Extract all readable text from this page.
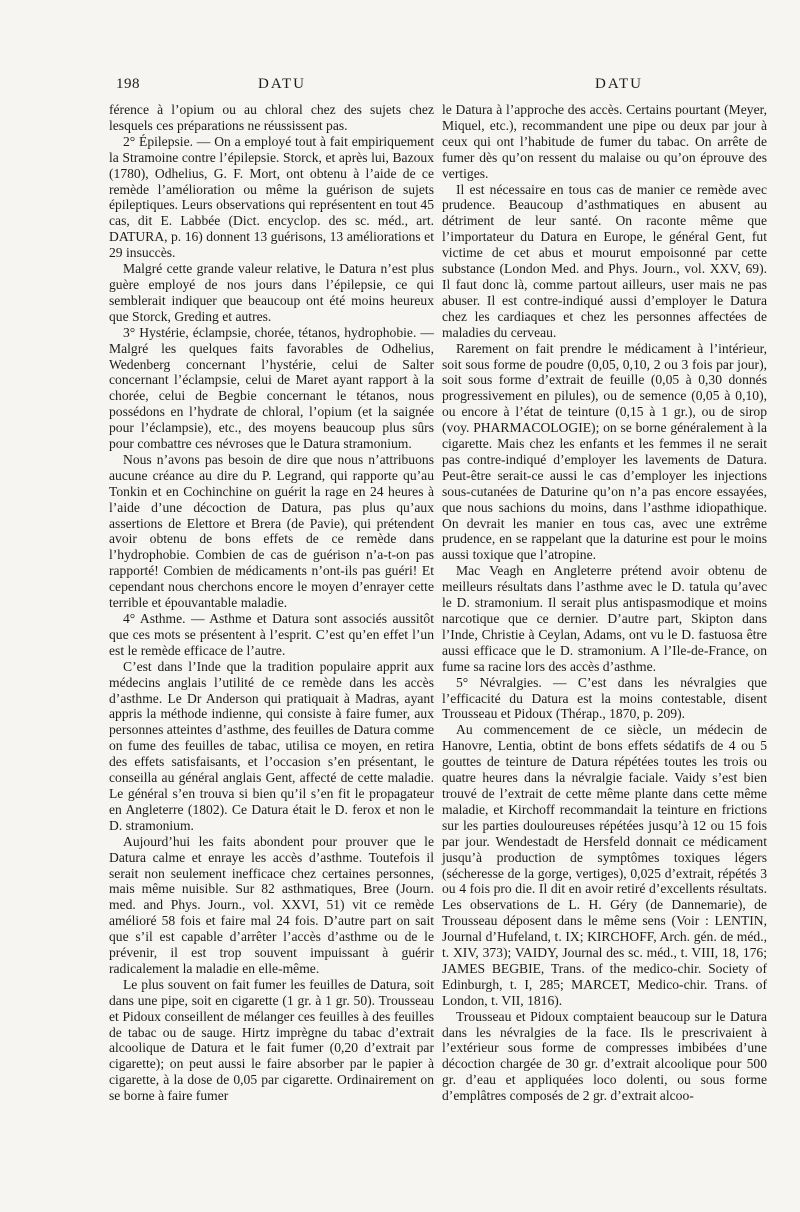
198	DATU	DATU

férence à l’opium ou au chloral chez des sujets chez lesquels ces préparations ne réussissent pas.

2° Épilepsie. — On a employé tout à fait empiriquement la Stramoine contre l’épilepsie. Storck, et après lui, Bazoux (1780), Odhelius, G. F. Mort, ont obtenu à l’aide de ce remède l’amélioration ou même la guérison de sujets épileptiques. Leurs observations qui représentent en tout 45 cas, dit E. Labbée (Dict. encyclop. des sc. méd., art. DATURA, p. 16) donnent 13 guérisons, 13 améliorations et 29 insuccès.

Malgré cette grande valeur relative, le Datura n’est plus guère employé de nos jours dans l’épilepsie, ce qui semblerait indiquer que beaucoup ont été moins heureux que Storck, Greding et autres.

3° Hystérie, éclampsie, chorée, tétanos, hydrophobie. — Malgré les quelques faits favorables de Odhelius, Wedenberg concernant l’hystérie, celui de Salter concernant l’éclampsie, celui de Maret ayant rapport à la chorée, celui de Begbie concernant le tétanos, nous possédons en l’hydrate de chloral, l’opium (et la saignée pour l’éclampsie), etc., des moyens beaucoup plus sûrs pour combattre ces névroses que le Datura stramonium.

Nous n’avons pas besoin de dire que nous n’attribuons aucune créance au dire du P. Legrand, qui rapporte qu’au Tonkin et en Cochinchine on guérit la rage en 24 heures à l’aide d’une décoction de Datura, pas plus qu’aux assertions de Elettore et Brera (de Pavie), qui prétendent avoir obtenu de bons effets de ce remède dans l’hydrophobie. Combien de cas de guérison n’a-t-on pas rapporté! Combien de médicaments n’ont-ils pas guéri! Et cependant nous cherchons encore le moyen d’enrayer cette terrible et épouvantable maladie.

4° Asthme. — Asthme et Datura sont associés aussitôt que ces mots se présentent à l’esprit. C’est qu’en effet l’un est le remède efficace de l’autre.

C’est dans l’Inde que la tradition populaire apprit aux médecins anglais l’utilité de ce remède dans les accès d’asthme. Le Dr Anderson qui pratiquait à Madras, ayant appris la méthode indienne, qui consiste à faire fumer, aux personnes atteintes d’asthme, des feuilles de Datura comme on fume des feuilles de tabac, utilisa ce moyen, en retira des effets satisfaisants, et l’occasion s’en présentant, le conseilla au général anglais Gent, affecté de cette maladie. Le général s’en trouva si bien qu’il s’en fit le propagateur en Angleterre (1802). Ce Datura était le D. ferox et non le D. stramonium.

Aujourd’hui les faits abondent pour prouver que le Datura calme et enraye les accès d’asthme. Toutefois il serait non seulement inefficace chez certaines personnes, mais même nuisible. Sur 82 asthmatiques, Bree (Journ. med. and Phys. Journ., vol. XXVI, 51) vit ce remède amélioré 58 fois et faire mal 24 fois. D’autre part on sait que s’il est capable d’arrêter l’accès d’asthme ou de le prévenir, il est trop souvent impuissant à guérir radicalement la maladie en elle-même.

Le plus souvent on fait fumer les feuilles de Datura, soit dans une pipe, soit en cigarette (1 gr. à 1 gr. 50). Trousseau et Pidoux conseillent de mélanger ces feuilles à des feuilles de tabac ou de sauge. Hirtz imprègne du tabac d’extrait alcoolique de Datura et le fait fumer (0,20 d’extrait par cigarette); on peut aussi le faire absorber par le papier à cigarette, à la dose de 0,05 par cigarette. Ordinairement on se borne à faire fumer

le Datura à l’approche des accès. Certains pourtant (Meyer, Miquel, etc.), recommandent une pipe ou deux par jour à ceux qui ont l’habitude de fumer du tabac. On arrête de fumer dès qu’on ressent du malaise ou qu’on éprouve des vertiges.

Il est nécessaire en tous cas de manier ce remède avec prudence. Beaucoup d’asthmatiques en abusent au détriment de leur santé. On raconte même que l’importateur du Datura en Europe, le général Gent, fut victime de cet abus et mourut empoisonné par cette substance (London Med. and Phys. Journ., vol. XXV, 69). Il faut donc là, comme partout ailleurs, user mais ne pas abuser. Il est contre-indiqué aussi d’employer le Datura chez les cardiaques et chez les personnes affectées de maladies du cerveau.

Rarement on fait prendre le médicament à l’intérieur, soit sous forme de poudre (0,05, 0,10, 2 ou 3 fois par jour), soit sous forme d’extrait de feuille (0,05 à 0,30 donnés progressivement en pilules), ou de semence (0,05 à 0,10), ou encore à l’état de teinture (0,15 à 1 gr.), ou de sirop (voy. PHARMACOLOGIE); on se borne généralement à la cigarette. Mais chez les enfants et les femmes il ne serait pas contre-indiqué d’employer les lavements de Datura. Peut-être serait-ce aussi le cas d’employer les injections sous-cutanées de Daturine qu’on n’a pas encore essayées, que nous sachions du moins, dans l’asthme idiopathique. On devrait les manier en tous cas, avec une extrême prudence, en se rappelant que la daturine est pour le moins aussi toxique que l’atropine.

Mac Veagh en Angleterre prétend avoir obtenu de meilleurs résultats dans l’asthme avec le D. tatula qu’avec le D. stramonium. Il serait plus antispasmodique et moins narcotique que ce dernier. D’autre part, Skipton dans l’Inde, Christie à Ceylan, Adams, ont vu le D. fastuosa être aussi efficace que le D. stramonium. A l’Ile-de-France, on fume sa racine lors des accès d’asthme.

5° Névralgies. — C’est dans les névralgies que l’efficacité du Datura est la moins contestable, disent Trousseau et Pidoux (Thérap., 1870, p. 209).

Au commencement de ce siècle, un médecin de Hanovre, Lentia, obtint de bons effets sédatifs de 4 ou 5 gouttes de teinture de Datura répétées toutes les trois ou quatre heures dans la névralgie faciale. Vaidy s’est bien trouvé de l’extrait de cette même plante dans cette même maladie, et Kirchoff recommandait la teinture en frictions sur les parties douloureuses répétées jusqu’à 12 ou 15 fois par jour. Wendestadt de Hersfeld donnait ce médicament jusqu’à production de symptômes toxiques légers (sécheresse de la gorge, vertiges), 0,025 d’extrait, répétés 3 ou 4 fois pro die. Il dit en avoir retiré d’excellents résultats. Les observations de L. H. Géry (de Dannemarie), de Trousseau déposent dans le même sens (Voir : LENTIN, Journal d’Hufeland, t. IX; KIRCHOFF, Arch. gén. de méd., t. XIV, 373); VAIDY, Journal des sc. méd., t. VIII, 18, 176; JAMES BEGBIE, Trans. of the medico-chir. Society of Edinburgh, t. I, 285; MARCET, Medico-chir. Trans. of London, t. VII, 1816).

Trousseau et Pidoux comptaient beaucoup sur le Datura dans les névralgies de la face. Ils le prescrivaient à l’extérieur sous forme de compresses imbibées d’une décoction chargée de 30 gr. d’extrait alcoolique pour 500 gr. d’eau et appliquées loco dolenti, ou sous forme d’emplâtres composés de 2 gr. d’extrait alcoo-
